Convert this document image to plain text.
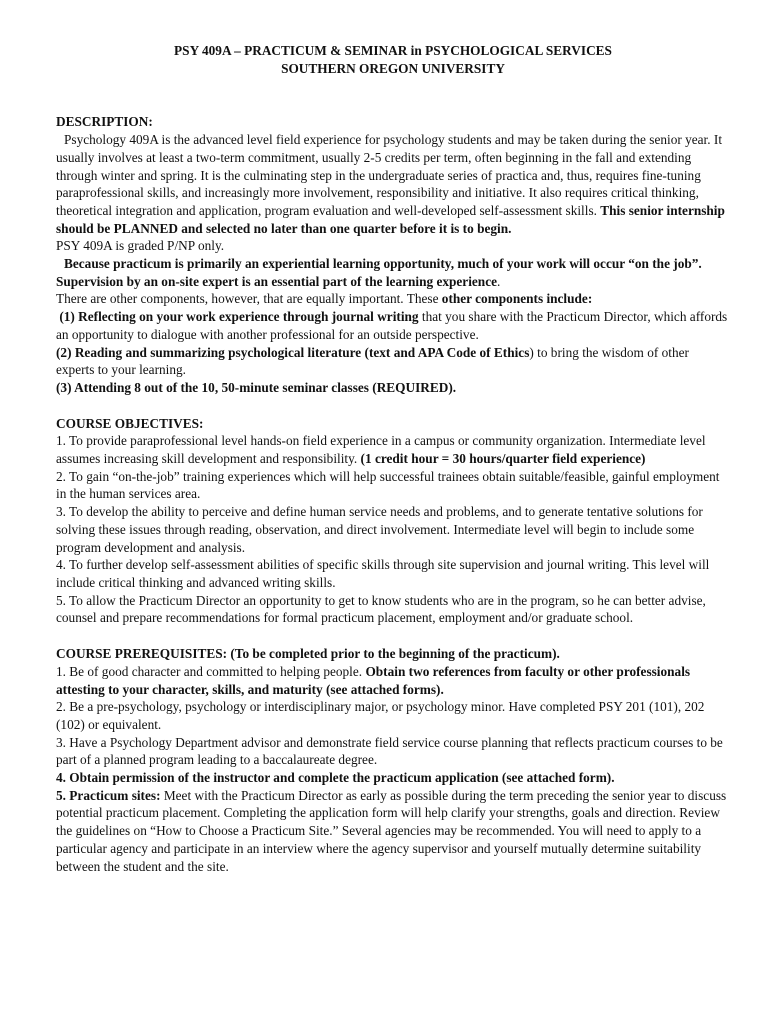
PSY 409A – PRACTICUM & SEMINAR in PSYCHOLOGICAL SERVICES

SOUTHERN OREGON UNIVERSITY

DESCRIPTION:

Psychology 409A is the advanced level field experience for psychology students and may be taken during the senior year. It usually involves at least a two-term commitment, usually 2-5 credits per term, often beginning in the fall and extending through winter and spring. It is the culminating step in the undergraduate series of practica and, thus, requires fine-tuning paraprofessional skills, and increasingly more involvement, responsibility and initiative. It also requires critical thinking, theoretical integration and application, program evaluation and well-developed self-assessment skills. This senior internship should be PLANNED and selected no later than one quarter before it is to begin.

PSY 409A is graded P/NP only.

Because practicum is primarily an experiential learning opportunity, much of your work will occur “on the job”. Supervision by an on-site expert is an essential part of the learning experience.

There are other components, however, that are equally important. These other components include:

(1) Reflecting on your work experience through journal writing that you share with the Practicum Director, which affords an opportunity to dialogue with another professional for an outside perspective.

(2) Reading and summarizing psychological literature (text and APA Code of Ethics) to bring the wisdom of other experts to your learning.

(3) Attending 8 out of the 10, 50-minute seminar classes (REQUIRED).

COURSE OBJECTIVES:

1. To provide paraprofessional level hands-on field experience in a campus or community organization. Intermediate level assumes increasing skill development and responsibility. (1 credit hour = 30 hours/quarter field experience)

2. To gain “on-the-job” training experiences which will help successful trainees obtain suitable/feasible, gainful employment in the human services area.

3. To develop the ability to perceive and define human service needs and problems, and to generate tentative solutions for solving these issues through reading, observation, and direct involvement. Intermediate level will begin to include some program development and analysis.

4. To further develop self-assessment abilities of specific skills through site supervision and journal writing. This level will include critical thinking and advanced writing skills.

5. To allow the Practicum Director an opportunity to get to know students who are in the program, so he can better advise, counsel and prepare recommendations for formal practicum placement, employment and/or graduate school.

COURSE PREREQUISITES: (To be completed prior to the beginning of the practicum).

1. Be of good character and committed to helping people. Obtain two references from faculty or other professionals attesting to your character, skills, and maturity (see attached forms).

2. Be a pre-psychology, psychology or interdisciplinary major, or psychology minor. Have completed PSY 201 (101), 202 (102) or equivalent.

3. Have a Psychology Department advisor and demonstrate field service course planning that reflects practicum courses to be part of a planned program leading to a baccalaureate degree.

4. Obtain permission of the instructor and complete the practicum application (see attached form).

5. Practicum sites: Meet with the Practicum Director as early as possible during the term preceding the senior year to discuss potential practicum placement. Completing the application form will help clarify your strengths, goals and direction. Review the guidelines on “How to Choose a Practicum Site.” Several agencies may be recommended. You will need to apply to a particular agency and participate in an interview where the agency supervisor and yourself mutually determine suitability between the student and the site.
